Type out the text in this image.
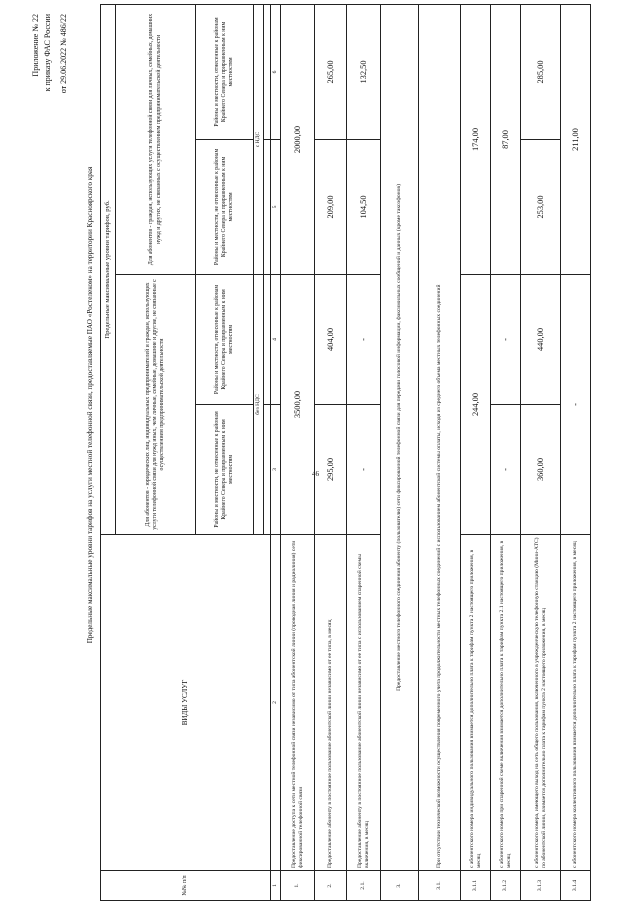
46
Приложение № 22 к приказу ФАС России от 29.06.2022 № 486/22
Предельные максимальные уровни тарифов на услуги местной телефонной связи, предоставляемые ПАО «Ростелеком» на территории Красноярского края
№№ п/п	ВИДЫ УСЛУГ	Предельные максимальные уровни тарифов, руб.			
		Для абонентов - юридических лиц, индивидуальных предпринимателей и граждан, использующих услуги телефонной связи для нужд иных, чем личные, семейные, домашние и другие, не связанные с осуществлением предпринимательской деятельности		Для абонентов - граждан, использующих услуги телефонной связи для личных, семейных, домашних нужд и других, не связанных с осуществлением предпринимательской деятельности	
		Районы и местности, не отнесенные к районам Крайнего Севера и приравненным к ним местностям	Районы и местности, отнесенные к районам Крайнего Севера и приравненным к ним местностям	Районы и местности, не отнесенные к районам Крайнего Севера и приравненным к ним местностям	Районы и местности, отнесенные к районам Крайнего Севера и приравненным к ним местностям
		без НДС		с НДС	

1	2	3	4	5	6
1.	Предоставление доступа к сети местной телефонной связи независимо от типа абонентской линии (проводная линия и радиолиния) сети фиксированной телефонной связи	3500,00		2000,00	
2.	Предоставление абоненту в постоянное пользование абонентской линии независимо от ее типа, в месяц	295,00	404,00	209,00	265,00
2.1.	Предоставление абоненту в постоянное пользование абонентской линии независимо от ее типа с использованием спаренной схемы включения, в месяц	-	-	104,50	132,50
3.	Предоставление местного телефонного соединения абоненту (пользователю) сети фиксированной телефонной связи для передачи голосовой информации, факсимильных сообщений и данных (кроме таксофонов)				
3.1.	При отсутствии технической возможности осуществления повременного учета продолжительности местных телефонных соединений с использованием абонентской системы оплаты, исходя из среднего объема местных телефонных соединений				
3.1.1	с абонентского номера индивидуального пользования взимается дополнительно плата к тарифам пункта 2 настоящего приложения, в месяц	244,00		174,00	
3.1.2	с абонентского номера при спаренной схеме включения взимается дополнительно плата к тарифам пункта 2.1 настоящего приложения, в месяц	-	-	87,00	
3.1.3	с абонентского номера, имеющего выход на сеть общего пользования, включенного в учрежденческую телефонную станцию (Мини-АТС) по абонентской линии, взимается дополнительно плата к тарифам пункта 2 настоящего приложения, в месяц	360,00	440,00	253,00	285,00
3.1.4	с абонентского номера коллективного пользования взимается дополнительно плата к тарифам пункта 2 настоящего приложения, в месяц	-		211,00	
